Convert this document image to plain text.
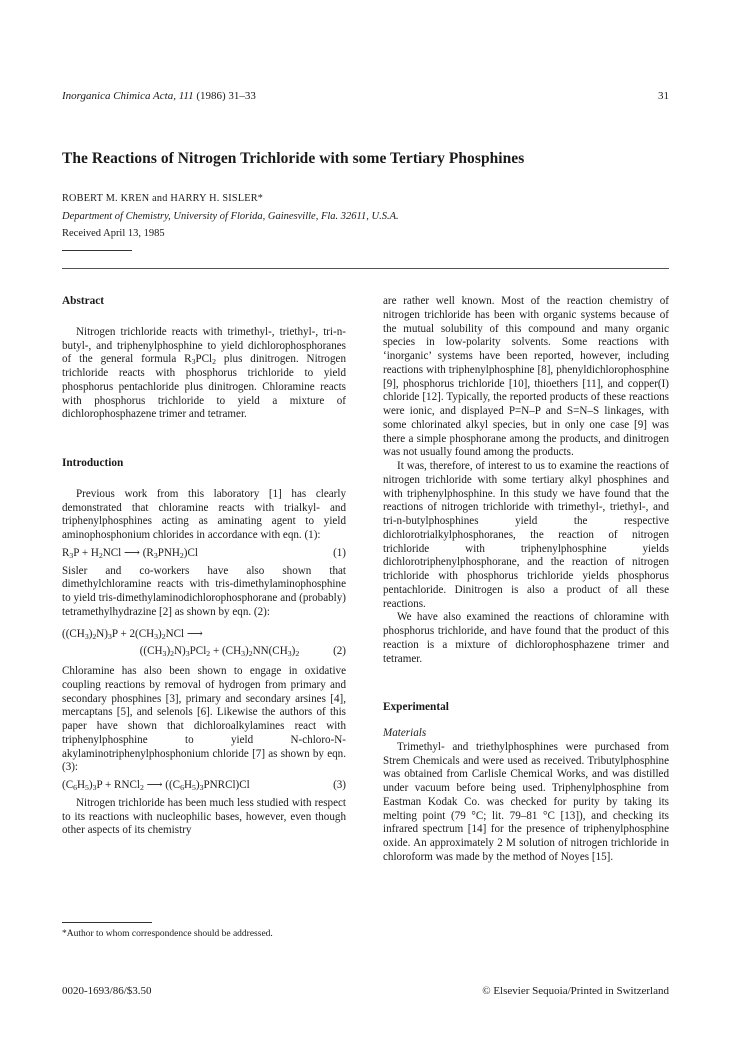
Inorganica Chimica Acta, 111 (1986) 31–33	31
The Reactions of Nitrogen Trichloride with some Tertiary Phosphines
ROBERT M. KREN and HARRY H. SISLER*
Department of Chemistry, University of Florida, Gainesville, Fla. 32611, U.S.A.
Received April 13, 1985

Abstract

Nitrogen trichloride reacts with trimethyl-, triethyl-, tri-n-butyl-, and triphenylphosphine to yield dichlorophosphoranes of the general formula $R_3PCl_2$ plus dinitrogen. Nitrogen trichloride reacts with phosphorus trichloride to yield phosphorus pentachloride plus dinitrogen. Chloramine reacts with phosphorus trichloride to yield a mixture of dichlorophosphazene trimer and tetramer.

Introduction

Previous work from this laboratory [1] has clearly demonstrated that chloramine reacts with trialkyl- and triphenylphosphines acting as aminating agent to yield aminophosphonium chlorides in accordance with eqn. (1):

$R_3P + H_2NCl$ ⟶ $(R_3PNH_2)Cl$	(1)

Sisler and co-workers have also shown that dimethylchloramine reacts with tris-dimethylaminophosphine to yield tris-dimethylaminodichlorophosphorane and (probably) tetramethylhydrazine [2] as shown by eqn. (2):

$((CH_3)_2N)_3P + 2(CH_3)_2NCl$ ⟶
$((CH_3)_2N)_3PCl_2 + (CH_3)_2NN(CH_3)_2$	(2)

Chloramine has also been shown to engage in oxidative coupling reactions by removal of hydrogen from primary and secondary phosphines [3], primary and secondary arsines [4], mercaptans [5], and selenols [6]. Likewise the authors of this paper have shown that dichloroalkylamines react with triphenylphosphine to yield N-chloro-N-akylaminotriphenylphosphonium chloride [7] as shown by eqn. (3):

$(C_6H_5)_3P$ + RNCl$_2$ ⟶ $((C_6H_5)_3PNRCl)Cl$	(3)

Nitrogen trichloride has been much less studied with respect to its reactions with nucleophilic bases, however, even though other aspects of its chemistry

are rather well known. Most of the reaction chemistry of nitrogen trichloride has been with organic systems because of the mutual solubility of this compound and many organic species in low-polarity solvents. Some reactions with ‘inorganic’ systems have been reported, however, including reactions with triphenylphosphine [8], phenyldichlorophosphine [9], phosphorus trichloride [10], thioethers [11], and copper(I) chloride [12]. Typically, the reported products of these reactions were ionic, and displayed P=N–P and S=N–S linkages, with some chlorinated alkyl species, but in only one case [9] was there a simple phosphorane among the products, and dinitrogen was not usually found among the products.

It was, therefore, of interest to us to examine the reactions of nitrogen trichloride with some tertiary alkyl phosphines and with triphenylphosphine. In this study we have found that the reactions of nitrogen trichloride with trimethyl-, triethyl-, and tri-n-butylphosphines yield the respective dichlorotrialkylphosphoranes, the reaction of nitrogen trichloride with triphenylphosphine yields dichlorotriphenylphosphorane, and the reaction of nitrogen trichloride with phosphorus trichloride yields phosphorus pentachloride. Dinitrogen is also a product of all these reactions.

We have also examined the reactions of chloramine with phosphorus trichloride, and have found that the product of this reaction is a mixture of dichlorophosphazene trimer and tetramer.

Experimental

Materials

Trimethyl- and triethylphosphines were purchased from Strem Chemicals and were used as received. Tributylphosphine was obtained from Carlisle Chemical Works, and was distilled under vacuum before being used. Triphenylphosphine from Eastman Kodak Co. was checked for purity by taking its melting point (79 °C; lit. 79–81 °C [13]), and checking its infrared spectrum [14] for the presence of triphenylphosphine oxide. An approximately 2 M solution of nitrogen trichloride in chloroform was made by the method of Noyes [15].

*Author to whom correspondence should be addressed.
0020-1693/86/$3.50	© Elsevier Sequoia/Printed in Switzerland
